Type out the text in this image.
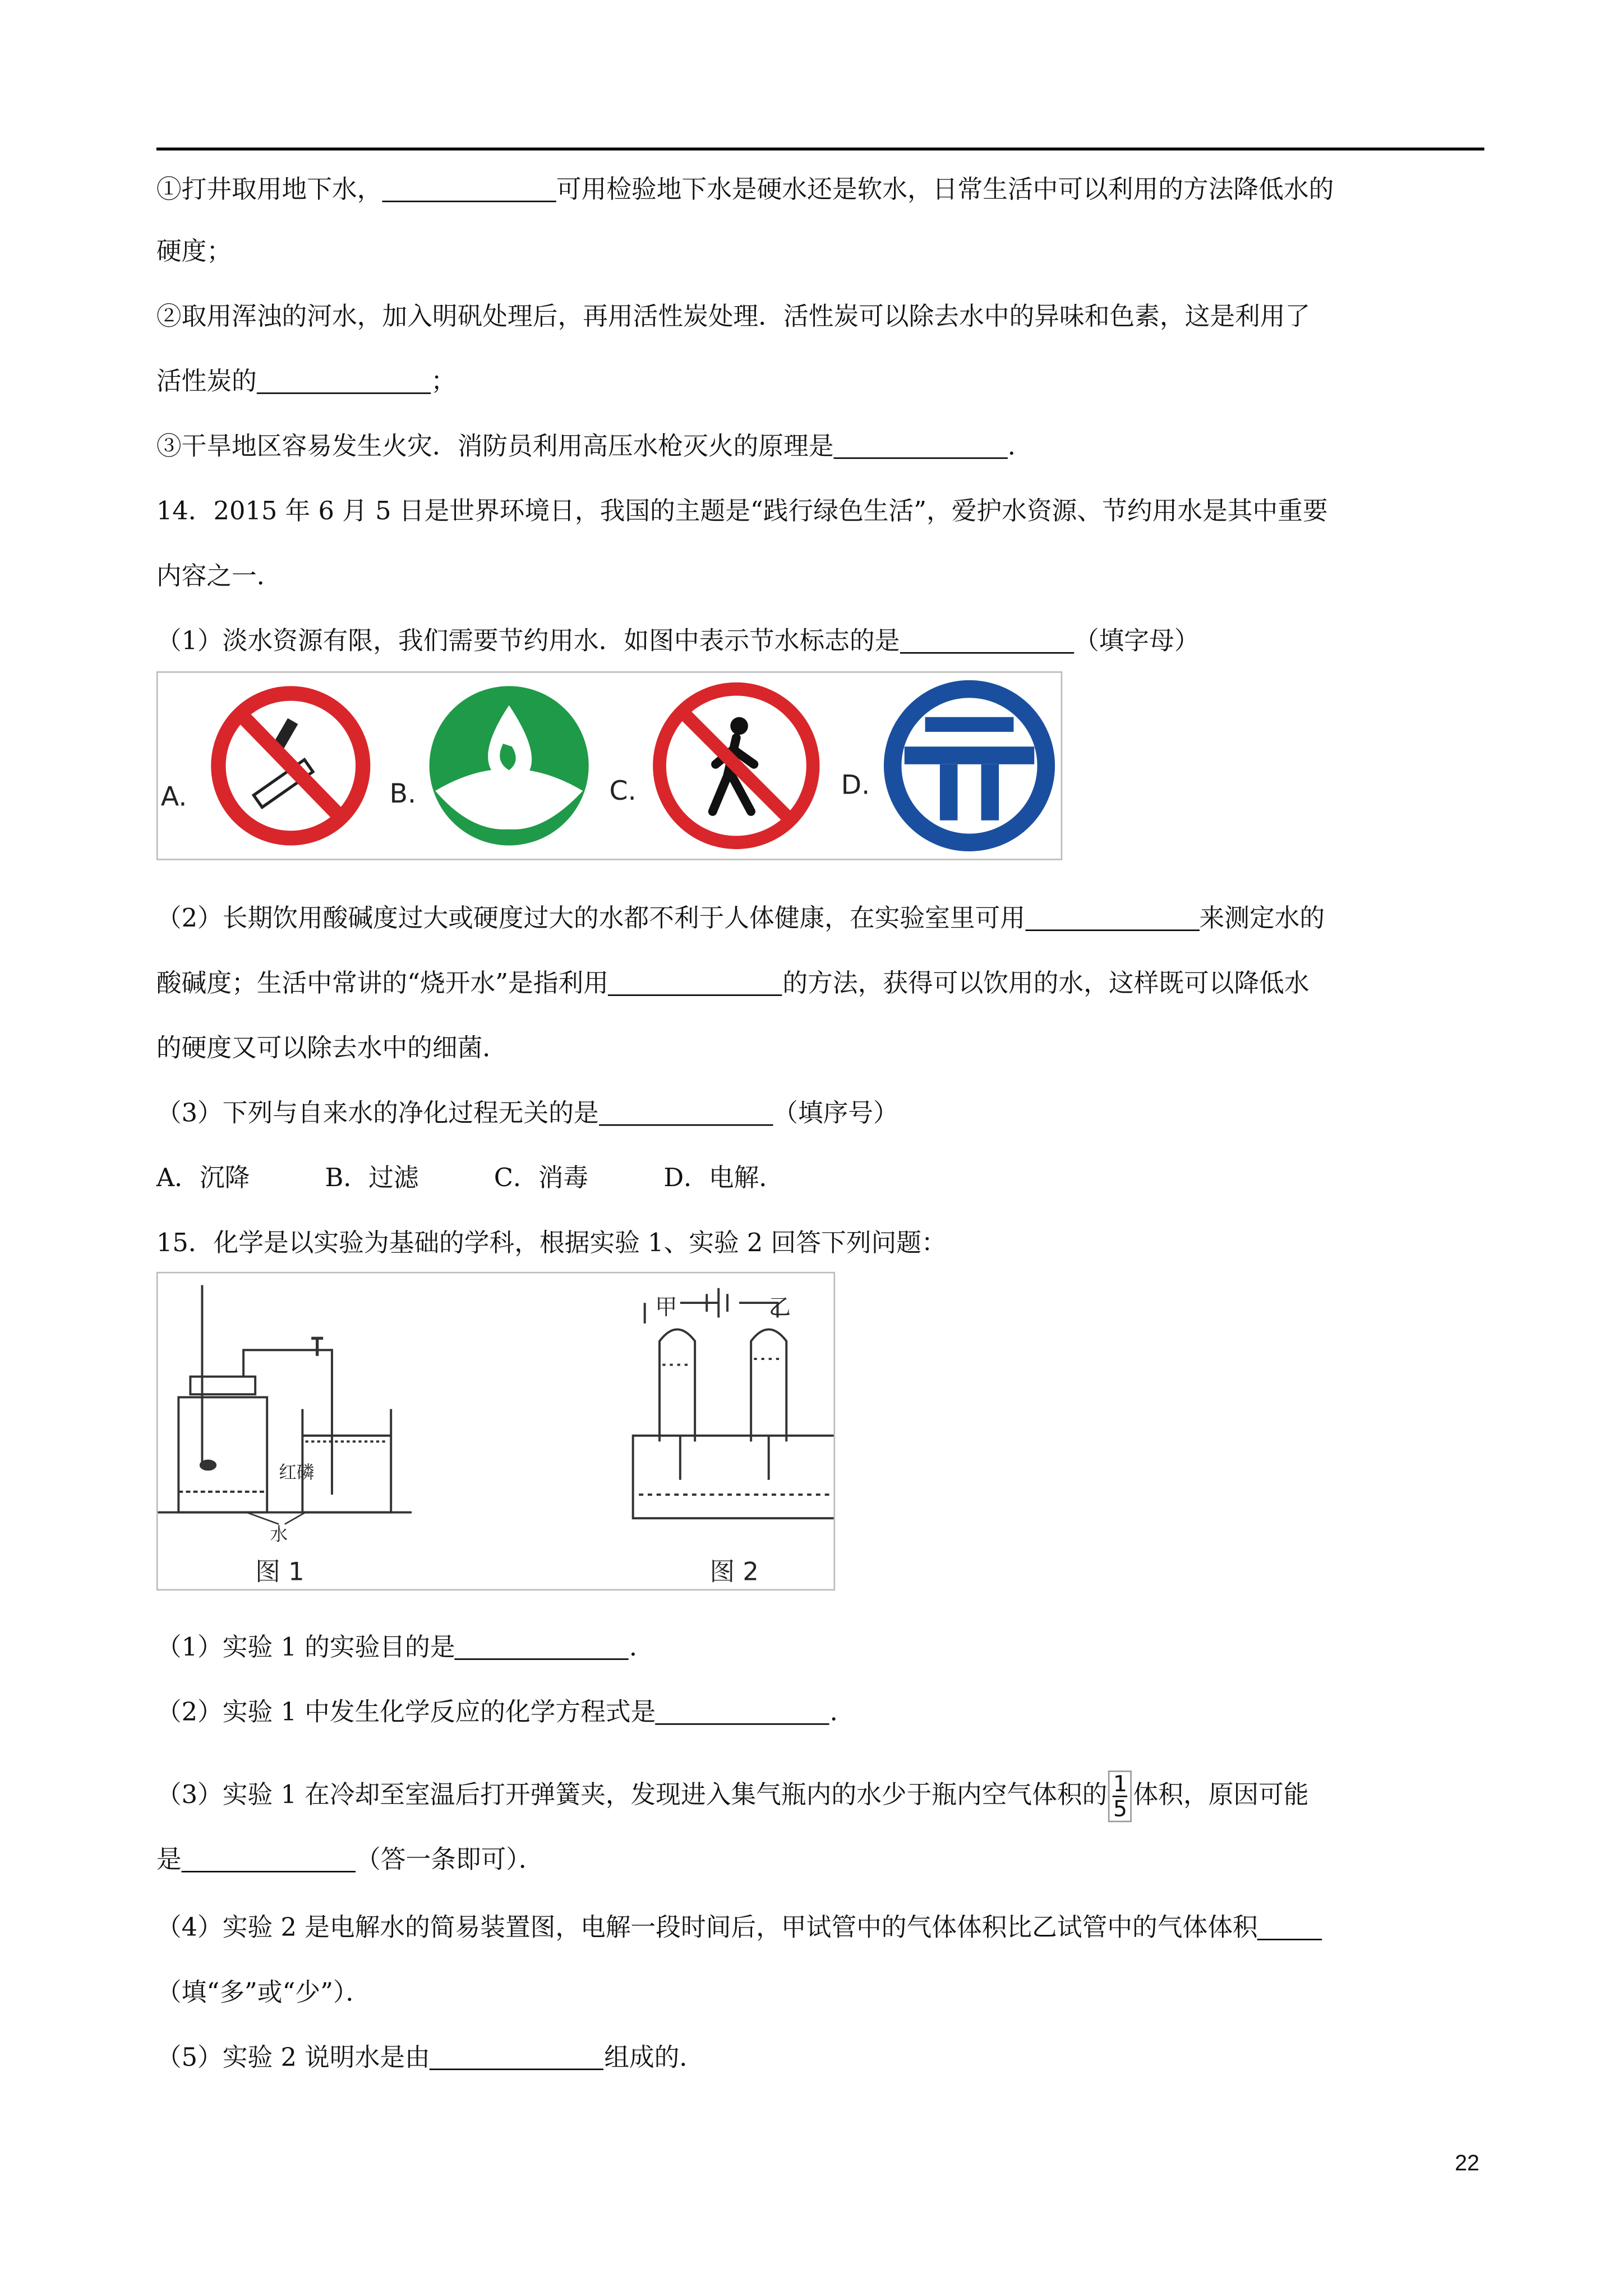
①打井取用地下水，	可用检验地下水是硬水还是软水，日常生活中可以利用的方法降低水的
硬度；
②取用浑浊的河水，加入明矾处理后，再用活性炭处理．活性炭可以除去水中的异味和色素，这是利用了
活性炭的	；
③干旱地区容易发生火灾．消防员利用高压水枪灭火的原理是	．
14．2015 年 6 月 5 日是世界环境日，我国的主题是“践行绿色生活”，爱护水资源、节约用水是其中重要
内容之一．
（1）淡水资源有限，我们需要节约用水．如图中表示节水标志的是	（填字母）
A.	B.	C.	D.
（2）长期饮用酸碱度过大或硬度过大的水都不利于人体健康，在实验室里可用	来测定水的
酸碱度；生活中常讲的“烧开水”是指利用	的方法，获得可以饮用的水，这样既可以降低水
的硬度又可以除去水中的细菌．
（3）下列与自来水的净化过程无关的是	（填序号）
A．沉降　　　B．过滤　　　C．消毒　　　D．电解．
15．化学是以实验为基础的学科，根据实验 1、实验 2 回答下列问题：
红磷
水
图 1
甲	乙
图 2
（1）实验 1 的实验目的是	．
（2）实验 1 中发生化学反应的化学方程式是	．
（3）实验 1 在冷却至室温后打开弹簧夹，发现进入集气瓶内的水少于瓶内空气体积的 $\frac{1}{5}$ 体积，原因可能
是	（答一条即可）．
（4）实验 2 是电解水的简易装置图，电解一段时间后，甲试管中的气体体积比乙试管中的气体体积
（填“多”或“少”）．
（5）实验 2 说明水是由	组成的．
22
